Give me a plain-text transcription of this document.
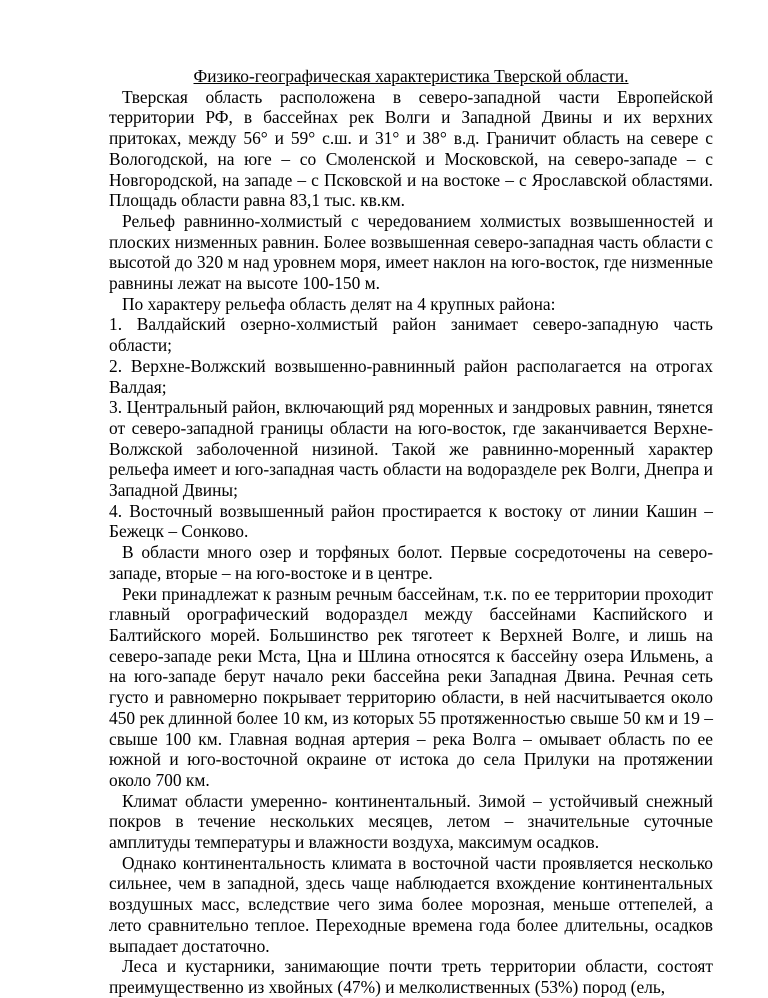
Физико-географическая характеристика Тверской области.

Тверская область расположена в северо-западной части Европейской территории РФ, в бассейнах рек Волги и Западной Двины и их верхних притоках, между 56° и 59° с.ш. и 31° и 38° в.д. Граничит область на севере с Вологодской, на юге – со Смоленской и Московской, на северо-западе – с Новгородской, на западе – с Псковской и на востоке – с Ярославской областями. Площадь области равна 83,1 тыс. кв.км.

Рельеф равнинно-холмистый с чередованием холмистых возвышенностей и плоских низменных равнин. Более возвышенная северо-западная часть области с высотой до 320 м над уровнем моря, имеет наклон на юго-восток, где низменные равнины лежат на высоте 100-150 м.

По характеру рельефа область делят на 4 крупных района:

1. Валдайский озерно-холмистый район занимает северо-западную часть области;

2. Верхне-Волжский возвышенно-равнинный район располагается на отрогах Валдая;

3. Центральный район, включающий ряд моренных и зандровых равнин, тянется от северо-западной границы области на юго-восток, где заканчивается Верхне-Волжской заболоченной низиной. Такой же равнинно-моренный характер рельефа имеет и юго-западная часть области на водоразделе рек Волги, Днепра и Западной Двины;

4. Восточный возвышенный район простирается к востоку от линии Кашин – Бежецк – Сонково.

В области много озер и торфяных болот. Первые сосредоточены на северо-западе, вторые – на юго-востоке и в центре.

Реки принадлежат к разным речным бассейнам, т.к. по ее территории проходит главный орографический водораздел между бассейнами Каспийского и Балтийского морей. Большинство рек тяготеет к Верхней Волге, и лишь на северо-западе реки Мста, Цна и Шлина относятся к бассейну озера Ильмень, а на юго-западе берут начало реки бассейна реки Западная Двина. Речная сеть густо и равномерно покрывает территорию области, в ней насчитывается около 450 рек длинной более 10 км, из которых 55 протяженностью свыше 50 км и 19 – свыше 100 км. Главная водная артерия – река Волга – омывает область по ее южной и юго-восточной окраине от истока до села Прилуки на протяжении около 700 км.

Климат области умеренно- континентальный. Зимой – устойчивый снежный покров в течение нескольких месяцев, летом – значительные суточные амплитуды температуры и влажности воздуха, максимум осадков.

Однако континентальность климата в восточной части проявляется несколько сильнее, чем в западной, здесь чаще наблюдается вхождение континентальных воздушных масс, вследствие чего зима более морозная, меньше оттепелей, а лето сравнительно теплое. Переходные времена года более длительны, осадков выпадает достаточно.

Леса и кустарники, занимающие почти треть территории области, состоят преимущественно из хвойных (47%) и мелколиственных (53%) пород (ель,
